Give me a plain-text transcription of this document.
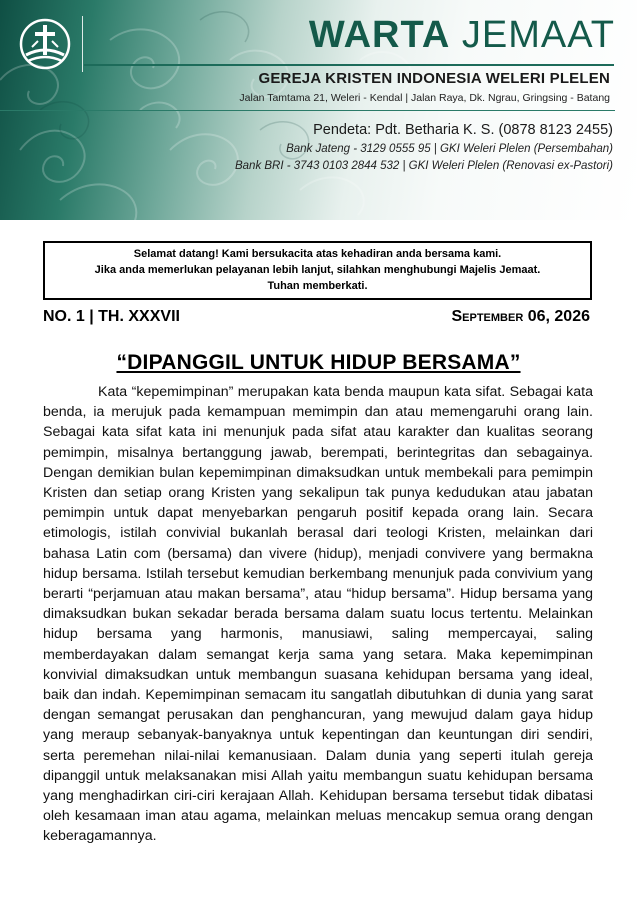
WARTA JEMAAT
GEREJA KRISTEN INDONESIA WELERI PLELEN
Jalan Tamtama 21, Weleri - Kendal | Jalan Raya, Dk. Ngrau, Gringsing - Batang
Pendeta: Pdt. Betharia K. S. (0878 8123 2455)
Bank Jateng - 3129 0555 95 | GKI Weleri Plelen (Persembahan)
Bank BRI - 3743 0103 2844 532 | GKI Weleri Plelen (Renovasi ex-Pastori)
Selamat datang! Kami bersukacita atas kehadiran anda bersama kami.
Jika anda memerlukan pelayanan lebih lanjut, silahkan menghubungi Majelis Jemaat.
Tuhan memberkati.
NO. 1 | TH. XXXVII	September 06, 2026
“DIPANGGIL UNTUK HIDUP BERSAMA”

Kata “kepemimpinan” merupakan kata benda maupun kata sifat. Sebagai kata benda, ia merujuk pada kemampuan memimpin dan atau memengaruhi orang lain. Sebagai kata sifat kata ini menunjuk pada sifat atau karakter dan kualitas seorang pemimpin, misalnya bertanggung jawab, berempati, berintegritas dan sebagainya. Dengan demikian bulan kepemimpinan dimaksudkan untuk membekali para pemimpin Kristen dan setiap orang Kristen yang sekalipun tak punya kedudukan atau jabatan pemimpin untuk dapat menyebarkan pengaruh positif kepada orang lain. Secara etimologis, istilah convivial bukanlah berasal dari teologi Kristen, melainkan dari bahasa Latin com (bersama) dan vivere (hidup), menjadi convivere yang bermakna hidup bersama. Istilah tersebut kemudian berkembang menunjuk pada convivium yang berarti “perjamuan atau makan bersama”, atau “hidup bersama”. Hidup bersama yang dimaksudkan bukan sekadar berada bersama dalam suatu locus tertentu. Melainkan hidup bersama yang harmonis, manusiawi, saling mempercayai, saling memberdayakan dalam semangat kerja sama yang setara. Maka kepemimpinan konvivial dimaksudkan untuk membangun suasana kehidupan bersama yang ideal, baik dan indah. Kepemimpinan semacam itu sangatlah dibutuhkan di dunia yang sarat dengan semangat perusakan dan penghancuran, yang mewujud dalam gaya hidup yang meraup sebanyak-banyaknya untuk kepentingan dan keuntungan diri sendiri, serta peremehan nilai-nilai kemanusiaan. Dalam dunia yang seperti itulah gereja dipanggil untuk melaksanakan misi Allah yaitu membangun suatu kehidupan bersama yang menghadirkan ciri-ciri kerajaan Allah. Kehidupan bersama tersebut tidak dibatasi oleh kesamaan iman atau agama, melainkan meluas mencakup semua orang dengan keberagamannya.
